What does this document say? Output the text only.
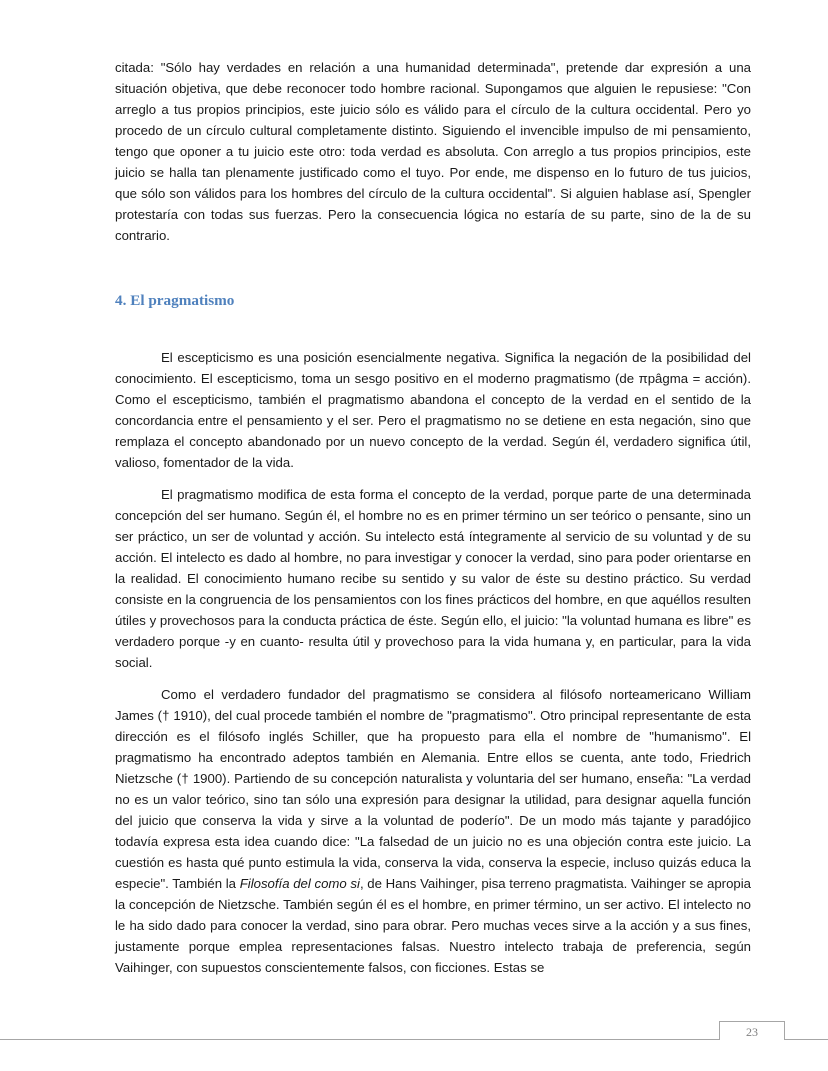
citada: "Sólo hay verdades en relación a una humanidad determinada", pretende dar expresión a una situación objetiva, que debe reconocer todo hombre racional. Supongamos que alguien le repusiese: "Con arreglo a tus propios principios, este juicio sólo es válido para el círculo de la cultura occidental. Pero yo procedo de un círculo cultural completamente distinto. Siguiendo el invencible impulso de mi pensamiento, tengo que oponer a tu juicio este otro: toda verdad es absoluta. Con arreglo a tus propios principios, este juicio se halla tan plenamente justificado como el tuyo. Por ende, me dispenso en lo futuro de tus juicios, que sólo son válidos para los hombres del círculo de la cultura occidental". Si alguien hablase así, Spengler protestaría con todas sus fuerzas. Pero la consecuencia lógica no estaría de su parte, sino de la de su contrario.

4. El pragmatismo

El escepticismo es una posición esencialmente negativa. Significa la negación de la posibilidad del conocimiento. El escepticismo, toma un sesgo positivo en el moderno pragmatismo (de πpâgma = acción). Como el escepticismo, también el pragmatismo abandona el concepto de la verdad en el sentido de la concordancia entre el pensamiento y el ser. Pero el pragmatismo no se detiene en esta negación, sino que remplaza el concepto abandonado por un nuevo concepto de la verdad. Según él, verdadero significa útil, valioso, fomentador de la vida.

El pragmatismo modifica de esta forma el concepto de la verdad, porque parte de una determinada concepción del ser humano. Según él, el hombre no es en primer término un ser teórico o pensante, sino un ser práctico, un ser de voluntad y acción. Su intelecto está íntegramente al servicio de su voluntad y de su acción. El intelecto es dado al hombre, no para investigar y conocer la verdad, sino para poder orientarse en la realidad. El conocimiento humano recibe su sentido y su valor de éste su destino práctico. Su verdad consiste en la congruencia de los pensamientos con los fines prácticos del hombre, en que aquéllos resulten útiles y provechosos para la conducta práctica de éste. Según ello, el juicio: "la voluntad humana es libre" es verdadero porque -y en cuanto- resulta útil y provechoso para la vida humana y, en particular, para la vida social.

Como el verdadero fundador del pragmatismo se considera al filósofo norteamericano William James († 1910), del cual procede también el nombre de "pragmatismo". Otro principal representante de esta dirección es el filósofo inglés Schiller, que ha propuesto para ella el nombre de "humanismo". El pragmatismo ha encontrado adeptos también en Alemania. Entre ellos se cuenta, ante todo, Friedrich Nietzsche († 1900). Partiendo de su concepción naturalista y voluntaria del ser humano, enseña: "La verdad no es un valor teórico, sino tan sólo una expresión para designar la utilidad, para designar aquella función del juicio que conserva la vida y sirve a la voluntad de poderío". De un modo más tajante y paradójico todavía expresa esta idea cuando dice: "La falsedad de un juicio no es una objeción contra este juicio. La cuestión es hasta qué punto estimula la vida, conserva la vida, conserva la especie, incluso quizás educa la especie". También la Filosofía del como si, de Hans Vaihinger, pisa terreno pragmatista. Vaihinger se apropia la concepción de Nietzsche. También según él es el hombre, en primer término, un ser activo. El intelecto no le ha sido dado para conocer la verdad, sino para obrar. Pero muchas veces sirve a la acción y a sus fines, justamente porque emplea representaciones falsas. Nuestro intelecto trabaja de preferencia, según Vaihinger, con supuestos conscientemente falsos, con ficciones. Estas se

23
